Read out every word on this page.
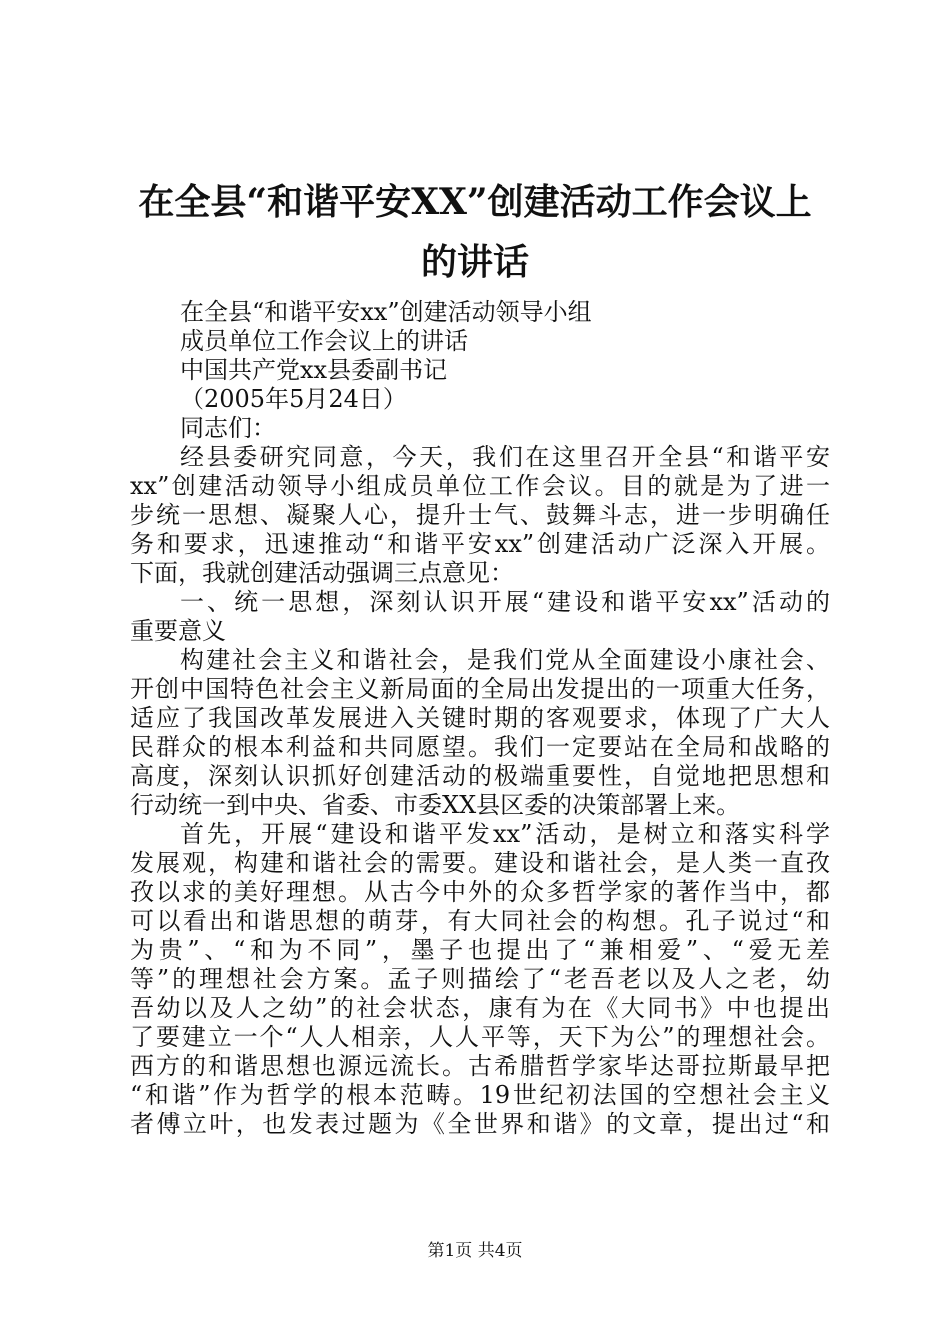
在全县“和谐平安XX”创建活动工作会议上
的讲话
在全县“和谐平安xx”创建活动领导小组
成员单位工作会议上的讲话
中国共产党xx县委副书记
（2005年5月24日）
同志们：
经县委研究同意，今天，我们在这里召开全县“和谐平安
xx”创建活动领导小组成员单位工作会议。目的就是为了进一
步统一思想、凝聚人心，提升士气、鼓舞斗志，进一步明确任
务和要求，迅速推动“和谐平安xx”创建活动广泛深入开展。
下面，我就创建活动强调三点意见：
一、统一思想，深刻认识开展“建设和谐平安xx”活动的
重要意义
构建社会主义和谐社会，是我们党从全面建设小康社会、
开创中国特色社会主义新局面的全局出发提出的一项重大任务，
适应了我国改革发展进入关键时期的客观要求，体现了广大人
民群众的根本利益和共同愿望。我们一定要站在全局和战略的
高度，深刻认识抓好创建活动的极端重要性，自觉地把思想和
行动统一到中央、省委、市委XX县区委的决策部署上来。
首先，开展“建设和谐平发xx”活动，是树立和落实科学
发展观，构建和谐社会的需要。建设和谐社会，是人类一直孜
孜以求的美好理想。从古今中外的众多哲学家的著作当中，都
可以看出和谐思想的萌芽，有大同社会的构想。孔子说过“和
为贵”、“和为不同”，墨子也提出了“兼相爱”、“爱无差
等”的理想社会方案。孟子则描绘了“老吾老以及人之老，幼
吾幼以及人之幼”的社会状态，康有为在《大同书》中也提出
了要建立一个“人人相亲，人人平等，天下为公”的理想社会。
西方的和谐思想也源远流长。古希腊哲学家毕达哥拉斯最早把
“和谐”作为哲学的根本范畴。19世纪初法国的空想社会主义
者傅立叶，也发表过题为《全世界和谐》的文章，提出过“和
第1页 共4页
